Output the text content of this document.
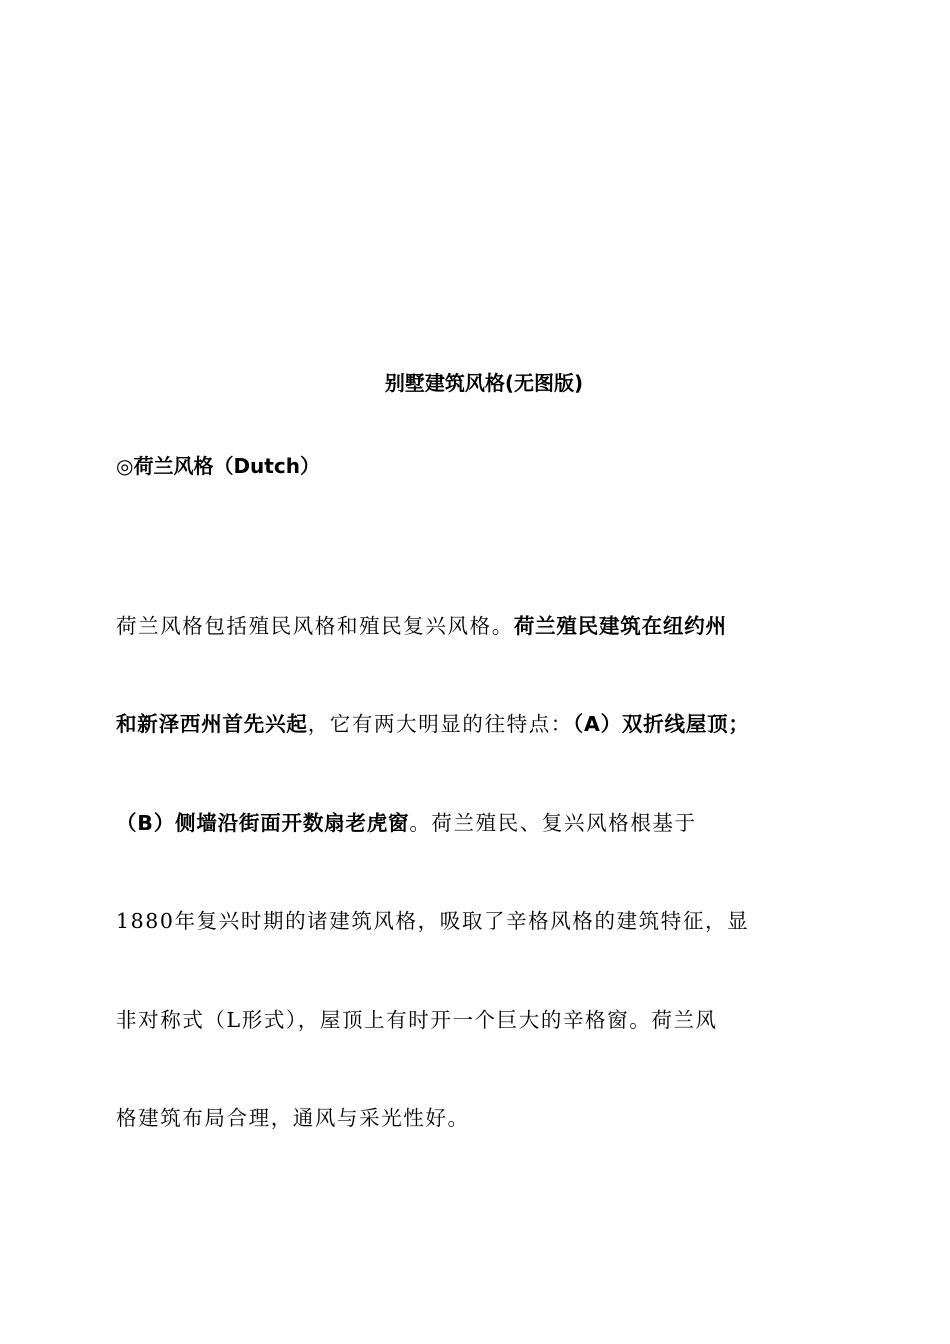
别墅建筑风格(无图版)
◎荷兰风格（Dutch）
荷兰风格包括殖民风格和殖民复兴风格。荷兰殖民建筑在纽约州
和新泽西州首先兴起，它有两大明显的往特点：（A）双折线屋顶；
（B）侧墙沿街面开数扇老虎窗。荷兰殖民、复兴风格根基于
1880年复兴时期的诸建筑风格，吸取了辛格风格的建筑特征，显
非对称式（L形式），屋顶上有时开一个巨大的辛格窗。荷兰风
格建筑布局合理，通风与采光性好。
